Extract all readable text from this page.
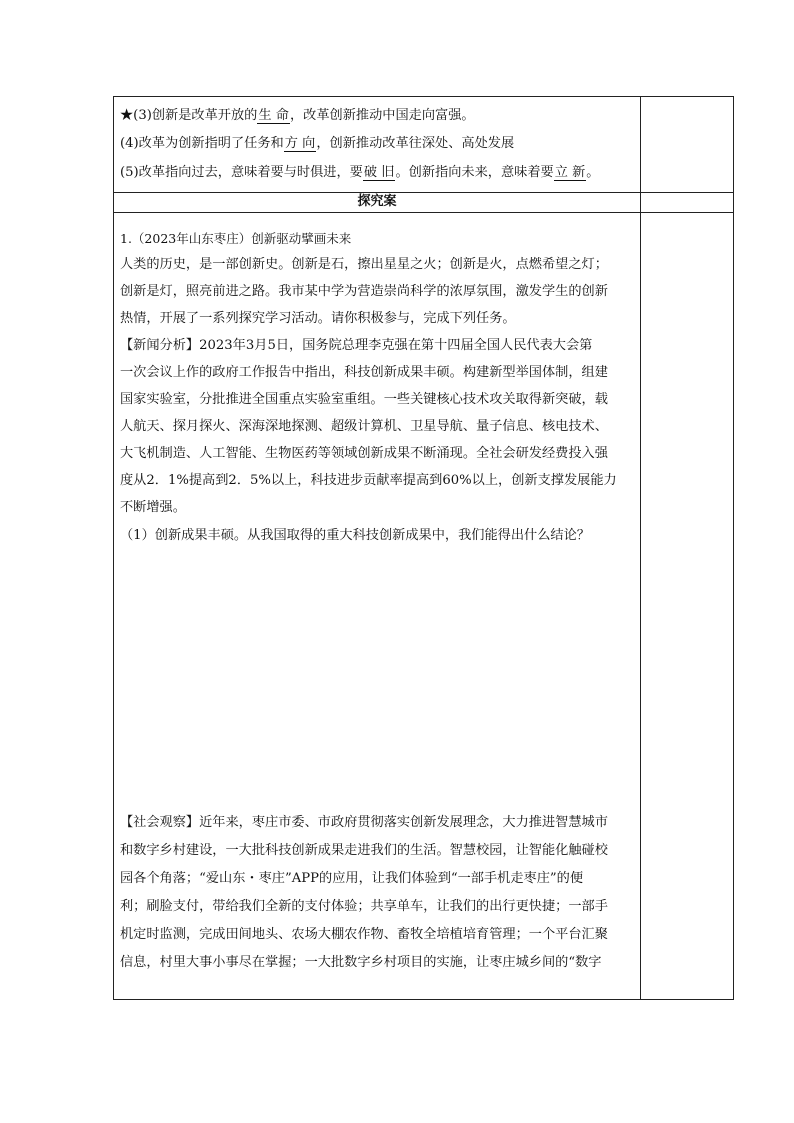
★(3)创新是改革开放的生 命，改革创新推动中国走向富强。
(4)改革为创新指明了任务和方 向，创新推动改革往深处、高处发展
(5)改革指向过去，意味着要与时俱进，要破 旧。创新指向未来，意味着要立 新。
探究案
1.（2023年山东枣庄）创新驱动擘画未来
人类的历史，是一部创新史。创新是石，擦出星星之火；创新是火，点燃希望之灯；
创新是灯，照亮前进之路。我市某中学为营造崇尚科学的浓厚氛围，激发学生的创新
热情，开展了一系列探究学习活动。请你积极参与，完成下列任务。
【新闻分析】2023年3月5日，国务院总理李克强在第十四届全国人民代表大会第
一次会议上作的政府工作报告中指出，科技创新成果丰硕。构建新型举国体制，组建
国家实验室，分批推进全国重点实验室重组。一些关键核心技术攻关取得新突破，载
人航天、探月探火、深海深地探测、超级计算机、卫星导航、量子信息、核电技术、
大飞机制造、人工智能、生物医药等领域创新成果不断涌现。全社会研发经费投入强
度从2．1%提高到2．5%以上，科技进步贡献率提高到60%以上，创新支撑发展能力
不断增强。
（1）创新成果丰硕。从我国取得的重大科技创新成果中，我们能得出什么结论？
【社会观察】近年来，枣庄市委、市政府贯彻落实创新发展理念，大力推进智慧城市
和数字乡村建设，一大批科技创新成果走进我们的生活。智慧校园，让智能化触碰校
园各个角落；“爱山东・枣庄”APP的应用，让我们体验到“一部手机走枣庄”的便
利；刷脸支付，带给我们全新的支付体验；共享单车，让我们的出行更快捷；一部手
机定时监测，完成田间地头、农场大棚农作物、畜牧全培植培育管理；一个平台汇聚
信息，村里大事小事尽在掌握；一大批数字乡村项目的实施，让枣庄城乡间的“数字
